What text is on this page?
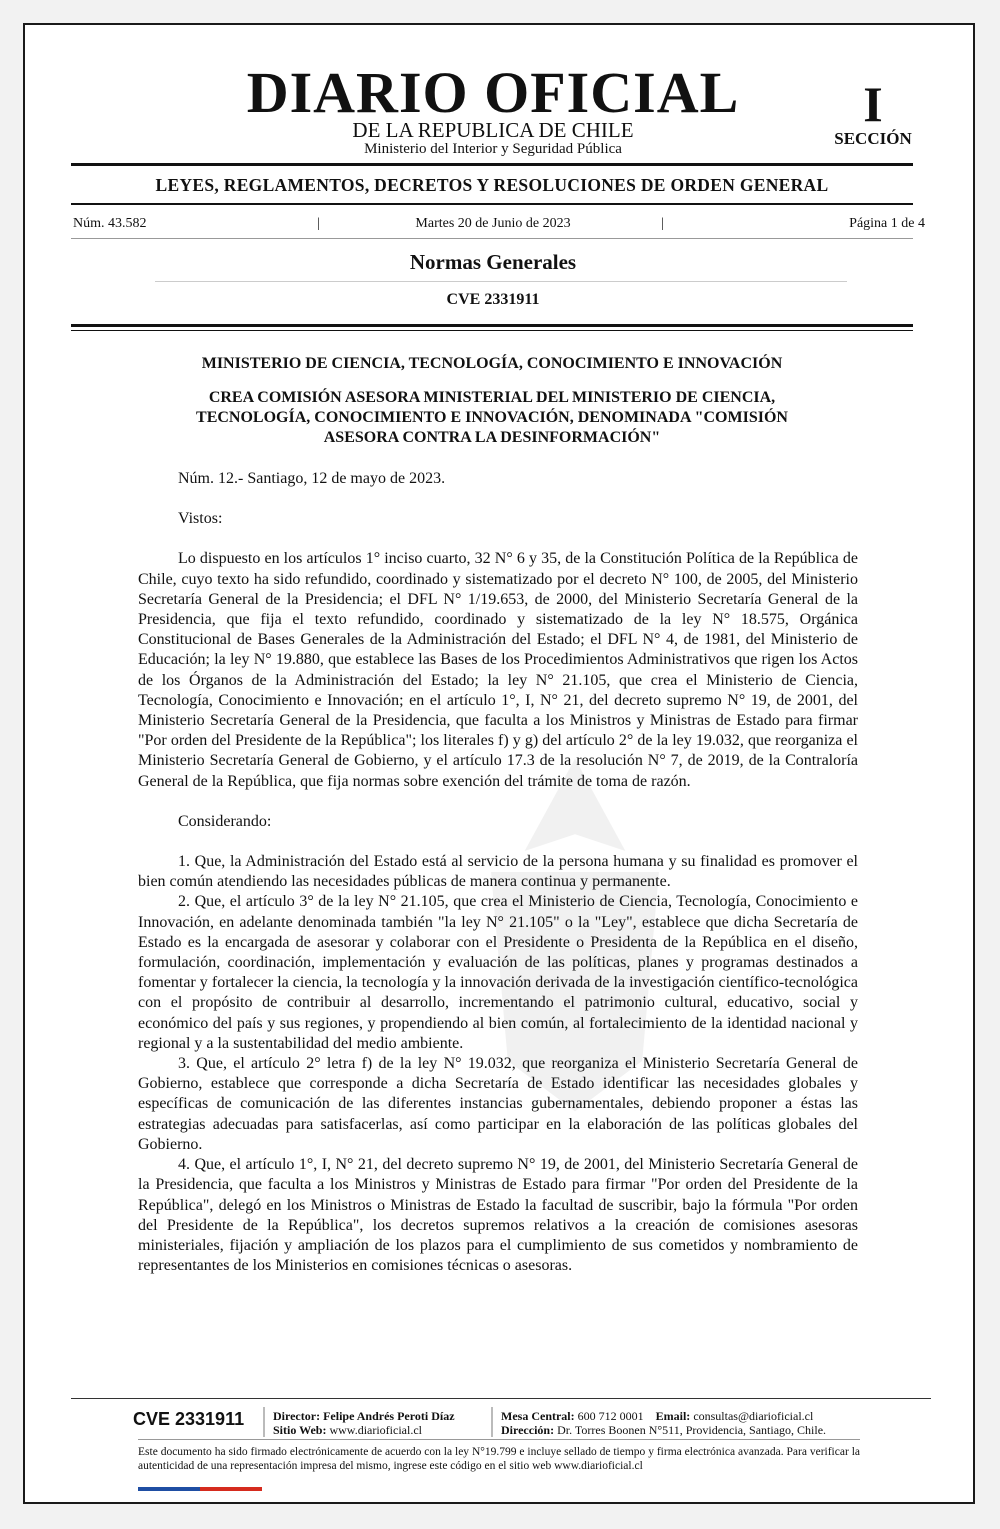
DIARIO OFICIAL
DE LA REPUBLICA DE CHILE
Ministerio del Interior y Seguridad Pública
I
SECCIÓN
LEYES, REGLAMENTOS, DECRETOS Y RESOLUCIONES DE ORDEN GENERAL
Núm. 43.582	|	Martes 20 de Junio de 2023	|	Página 1 de 4
Normas Generales
CVE 2331911
MINISTERIO DE CIENCIA, TECNOLOGÍA, CONOCIMIENTO E INNOVACIÓN
CREA COMISIÓN ASESORA MINISTERIAL DEL MINISTERIO DE CIENCIA,
TECNOLOGÍA, CONOCIMIENTO E INNOVACIÓN, DENOMINADA "COMISIÓN
ASESORA CONTRA LA DESINFORMACIÓN"

Núm. 12.- Santiago, 12 de mayo de 2023.

Vistos:

Lo dispuesto en los artículos 1° inciso cuarto, 32 N° 6 y 35, de la Constitución Política de la República de Chile, cuyo texto ha sido refundido, coordinado y sistematizado por el decreto N° 100, de 2005, del Ministerio Secretaría General de la Presidencia; el DFL N° 1/19.653, de 2000, del Ministerio Secretaría General de la Presidencia, que fija el texto refundido, coordinado y sistematizado de la ley N° 18.575, Orgánica Constitucional de Bases Generales de la Administración del Estado; el DFL N° 4, de 1981, del Ministerio de Educación; la ley N° 19.880, que establece las Bases de los Procedimientos Administrativos que rigen los Actos de los Órganos de la Administración del Estado; la ley N° 21.105, que crea el Ministerio de Ciencia, Tecnología, Conocimiento e Innovación; en el artículo 1°, I, N° 21, del decreto supremo N° 19, de 2001, del Ministerio Secretaría General de la Presidencia, que faculta a los Ministros y Ministras de Estado para firmar "Por orden del Presidente de la República"; los literales f) y g) del artículo 2° de la ley 19.032, que reorganiza el Ministerio Secretaría General de Gobierno, y el artículo 17.3 de la resolución N° 7, de 2019, de la Contraloría General de la República, que fija normas sobre exención del trámite de toma de razón.

Considerando:

1. Que, la Administración del Estado está al servicio de la persona humana y su finalidad es promover el bien común atendiendo las necesidades públicas de manera continua y permanente.

2. Que, el artículo 3° de la ley N° 21.105, que crea el Ministerio de Ciencia, Tecnología, Conocimiento e Innovación, en adelante denominada también "la ley N° 21.105" o la "Ley", establece que dicha Secretaría de Estado es la encargada de asesorar y colaborar con el Presidente o Presidenta de la República en el diseño, formulación, coordinación, implementación y evaluación de las políticas, planes y programas destinados a fomentar y fortalecer la ciencia, la tecnología y la innovación derivada de la investigación científico-tecnológica con el propósito de contribuir al desarrollo, incrementando el patrimonio cultural, educativo, social y económico del país y sus regiones, y propendiendo al bien común, al fortalecimiento de la identidad nacional y regional y a la sustentabilidad del medio ambiente.

3. Que, el artículo 2° letra f) de la ley N° 19.032, que reorganiza el Ministerio Secretaría General de Gobierno, establece que corresponde a dicha Secretaría de Estado identificar las necesidades globales y específicas de comunicación de las diferentes instancias gubernamentales, debiendo proponer a éstas las estrategias adecuadas para satisfacerlas, así como participar en la elaboración de las políticas globales del Gobierno.

4. Que, el artículo 1°, I, N° 21, del decreto supremo N° 19, de 2001, del Ministerio Secretaría General de la Presidencia, que faculta a los Ministros y Ministras de Estado para firmar "Por orden del Presidente de la República", delegó en los Ministros o Ministras de Estado la facultad de suscribir, bajo la fórmula "Por orden del Presidente de la República", los decretos supremos relativos a la creación de comisiones asesoras ministeriales, fijación y ampliación de los plazos para el cumplimiento de sus cometidos y nombramiento de representantes de los Ministerios en comisiones técnicas o asesoras.

CVE 2331911 Director: Felipe Andrés Peroti Díaz
Sitio Web: www.diarioficial.cl
Mesa Central: 600 712 0001 Email: consultas@diarioficial.cl
Dirección: Dr. Torres Boonen N°511, Providencia, Santiago, Chile.
Este documento ha sido firmado electrónicamente de acuerdo con la ley N°19.799 e incluye sellado de tiempo y firma electrónica avanzada. Para verificar la autenticidad de una representación impresa del mismo, ingrese este código en el sitio web www.diarioficial.cl
